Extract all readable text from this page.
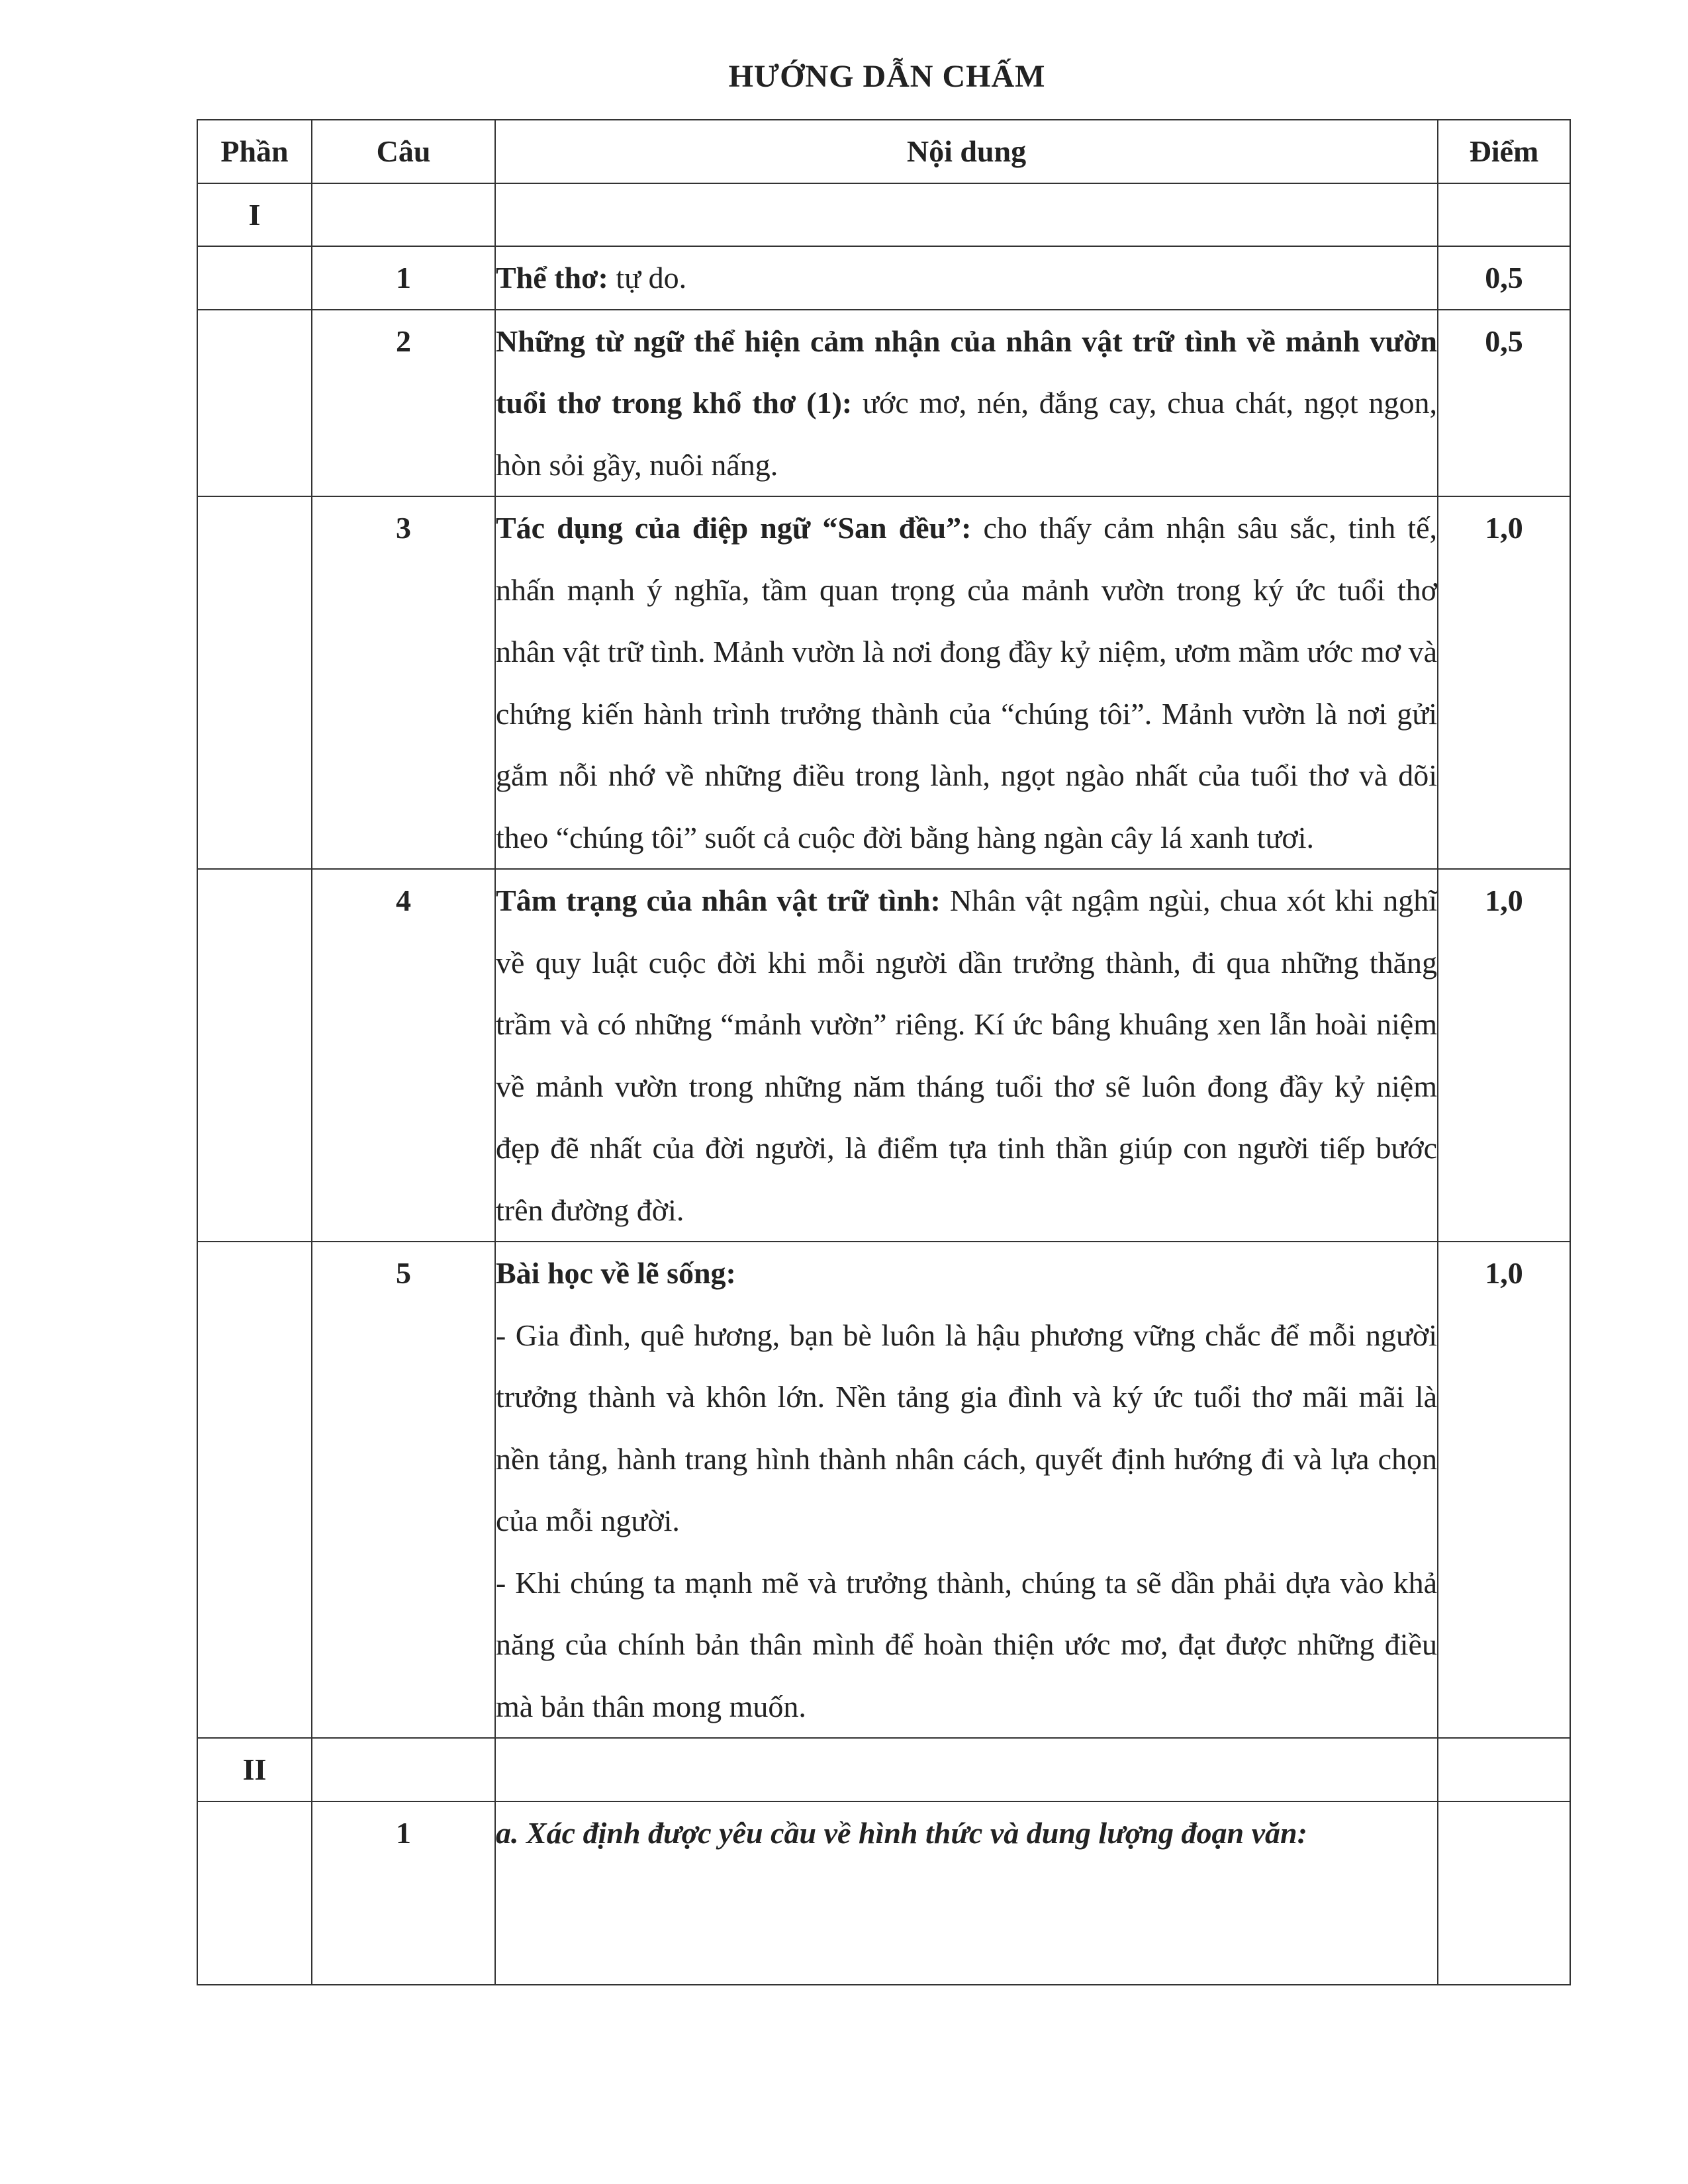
HƯỚNG DẪN CHẤM
Phần	Câu	Nội dung	Điểm
I			
	1	Thể thơ: tự do.	0,5
	2	Những từ ngữ thể hiện cảm nhận của nhân vật trữ tình về mảnh vườn tuổi thơ trong khổ thơ (1): ước mơ, nén, đắng cay, chua chát, ngọt ngon, hòn sỏi gầy, nuôi nấng.	0,5
	3	Tác dụng của điệp ngữ “San đều”: cho thấy cảm nhận sâu sắc, tinh tế, nhấn mạnh ý nghĩa, tầm quan trọng của mảnh vườn trong ký ức tuổi thơ nhân vật trữ tình. Mảnh vườn là nơi đong đầy kỷ niệm, ươm mầm ước mơ và chứng kiến hành trình trưởng thành của “chúng tôi”. Mảnh vườn là nơi gửi gắm nỗi nhớ về những điều trong lành, ngọt ngào nhất của tuổi thơ và dõi theo “chúng tôi” suốt cả cuộc đời bằng hàng ngàn cây lá xanh tươi.	1,0
	4	Tâm trạng của nhân vật trữ tình: Nhân vật ngậm ngùi, chua xót khi nghĩ về quy luật cuộc đời khi mỗi người dần trưởng thành, đi qua những thăng trầm và có những “mảnh vườn” riêng. Kí ức bâng khuâng xen lẫn hoài niệm về mảnh vườn trong những năm tháng tuổi thơ sẽ luôn đong đầy kỷ niệm đẹp đẽ nhất của đời người, là điểm tựa tinh thần giúp con người tiếp bước trên đường đời.	1,0
	5	Bài học về lẽ sống:
- Gia đình, quê hương, bạn bè luôn là hậu phương vững chắc để mỗi người trưởng thành và khôn lớn. Nền tảng gia đình và ký ức tuổi thơ mãi mãi là nền tảng, hành trang hình thành nhân cách, quyết định hướng đi và lựa chọn của mỗi người.
- Khi chúng ta mạnh mẽ và trưởng thành, chúng ta sẽ dần phải dựa vào khả năng của chính bản thân mình để hoàn thiện ước mơ, đạt được những điều mà bản thân mong muốn.	1,0
II			
	1	a. Xác định được yêu cầu về hình thức và dung lượng đoạn văn:	
